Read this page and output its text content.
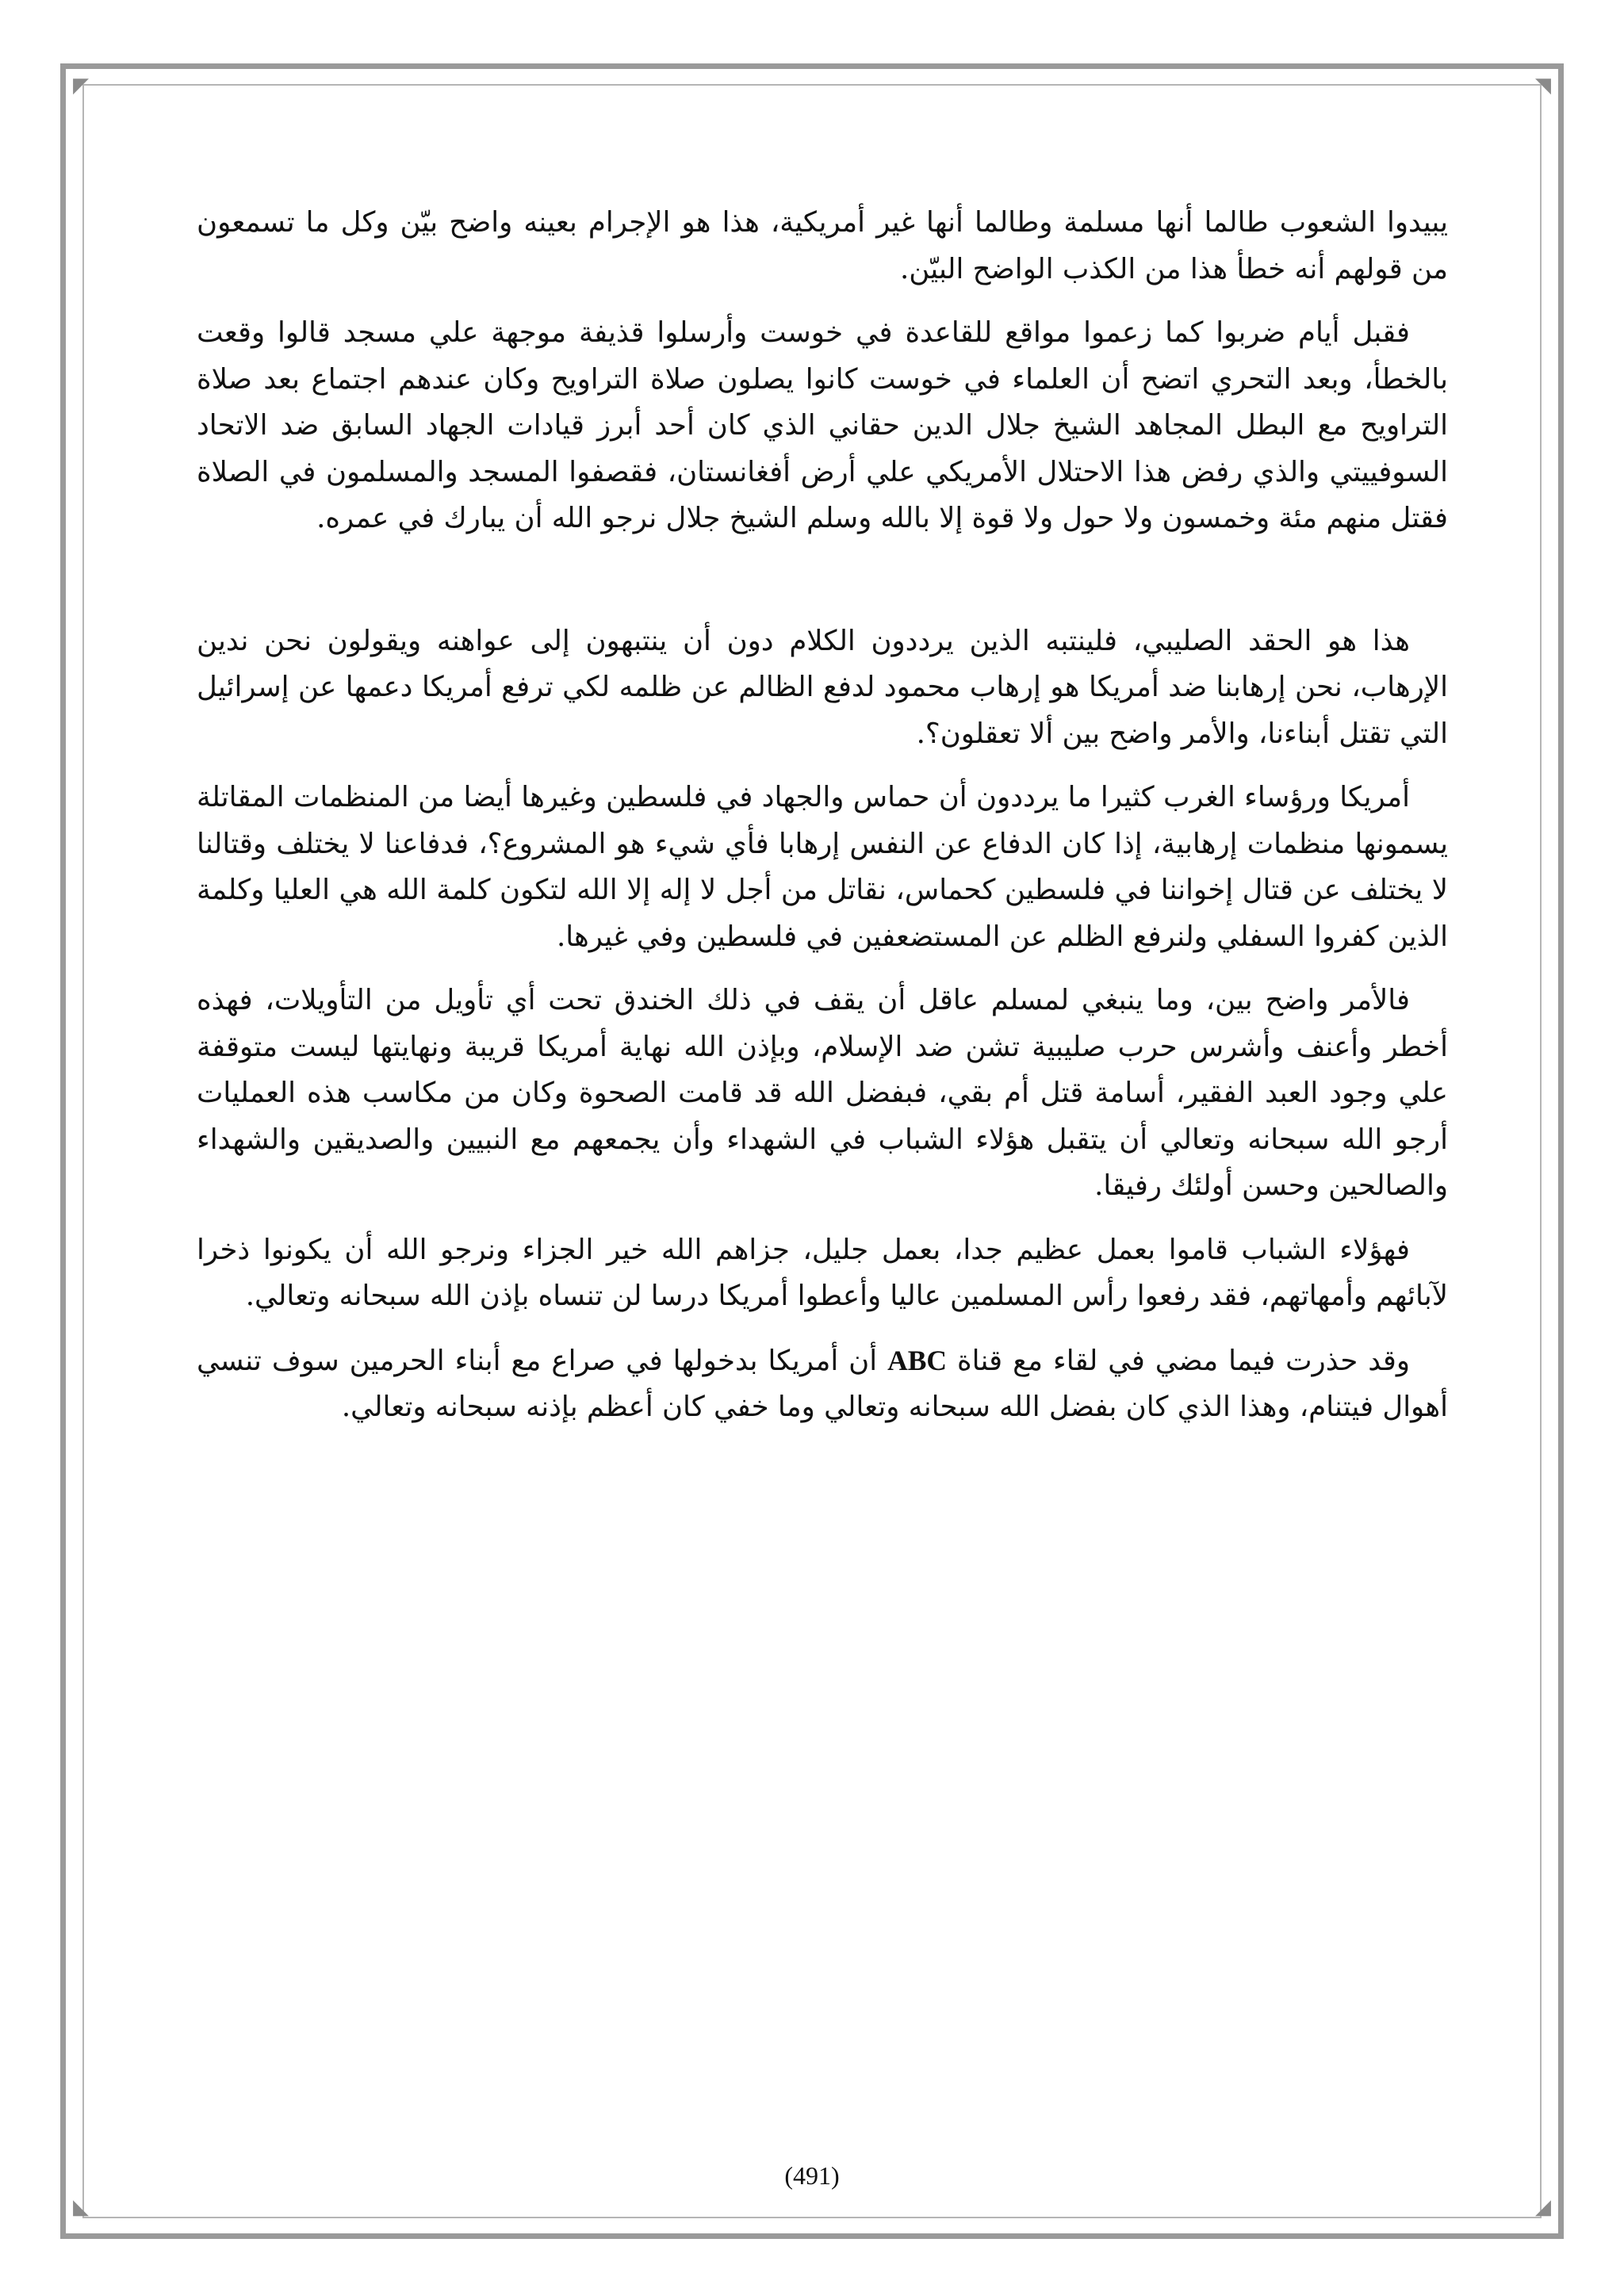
◤	◥
◣	◢

يبيدوا الشعوب طالما أنها مسلمة وطالما أنها غير أمريكية، هذا هو الإجرام بعينه واضح بيّن وكل ما تسمعون من قولهم أنه خطأ هذا من الكذب الواضح البيّن.

فقبل أيام ضربوا كما زعموا مواقع للقاعدة في خوست وأرسلوا قذيفة موجهة علي مسجد قالوا وقعت بالخطأ، وبعد التحري اتضح أن العلماء في خوست كانوا يصلون صلاة التراويح وكان عندهم اجتماع بعد صلاة التراويح مع البطل المجاهد الشيخ جلال الدين حقاني الذي كان أحد أبرز قيادات الجهاد السابق ضد الاتحاد السوفييتي والذي رفض هذا الاحتلال الأمريكي علي أرض أفغانستان، فقصفوا المسجد والمسلمون في الصلاة فقتل منهم مئة وخمسون ولا حول ولا قوة إلا بالله وسلم الشيخ جلال نرجو الله أن يبارك في عمره.

هذا هو الحقد الصليبي، فلينتبه الذين يرددون الكلام دون أن ينتبهون إلى عواهنه ويقولون نحن ندين الإرهاب، نحن إرهابنا ضد أمريكا هو إرهاب محمود لدفع الظالم عن ظلمه لكي ترفع أمريكا دعمها عن إسرائيل التي تقتل أبناءنا، والأمر واضح بين ألا تعقلون؟.

أمريكا ورؤساء الغرب كثيرا ما يرددون أن حماس والجهاد في فلسطين وغيرها أيضا من المنظمات المقاتلة يسمونها منظمات إرهابية، إذا كان الدفاع عن النفس إرهابا فأي شيء هو المشروع؟، فدفاعنا لا يختلف وقتالنا لا يختلف عن قتال إخواننا في فلسطين كحماس، نقاتل من أجل لا إله إلا الله لتكون كلمة الله هي العليا وكلمة الذين كفروا السفلي ولنرفع الظلم عن المستضعفين في فلسطين وفي غيرها.

فالأمر واضح بين، وما ينبغي لمسلم عاقل أن يقف في ذلك الخندق تحت أي تأويل من التأويلات، فهذه أخطر وأعنف وأشرس حرب صليبية تشن ضد الإسلام، وبإذن الله نهاية أمريكا قريبة ونهايتها ليست متوقفة علي وجود العبد الفقير، أسامة قتل أم بقي، فبفضل الله قد قامت الصحوة وكان من مكاسب هذه العمليات أرجو الله سبحانه وتعالي أن يتقبل هؤلاء الشباب في الشهداء وأن يجمعهم مع النبيين والصديقين والشهداء والصالحين وحسن أولئك رفيقا.

فهؤلاء الشباب قاموا بعمل عظيم جدا، بعمل جليل، جزاهم الله خير الجزاء ونرجو الله أن يكونوا ذخرا لآبائهم وأمهاتهم، فقد رفعوا رأس المسلمين عاليا وأعطوا أمريكا درسا لن تنساه بإذن الله سبحانه وتعالي.

وقد حذرت فيما مضي في لقاء مع قناة ABC أن أمريكا بدخولها في صراع مع أبناء الحرمين سوف تنسي أهوال فيتنام، وهذا الذي كان بفضل الله سبحانه وتعالي وما خفي كان أعظم بإذنه سبحانه وتعالي.

(491)
